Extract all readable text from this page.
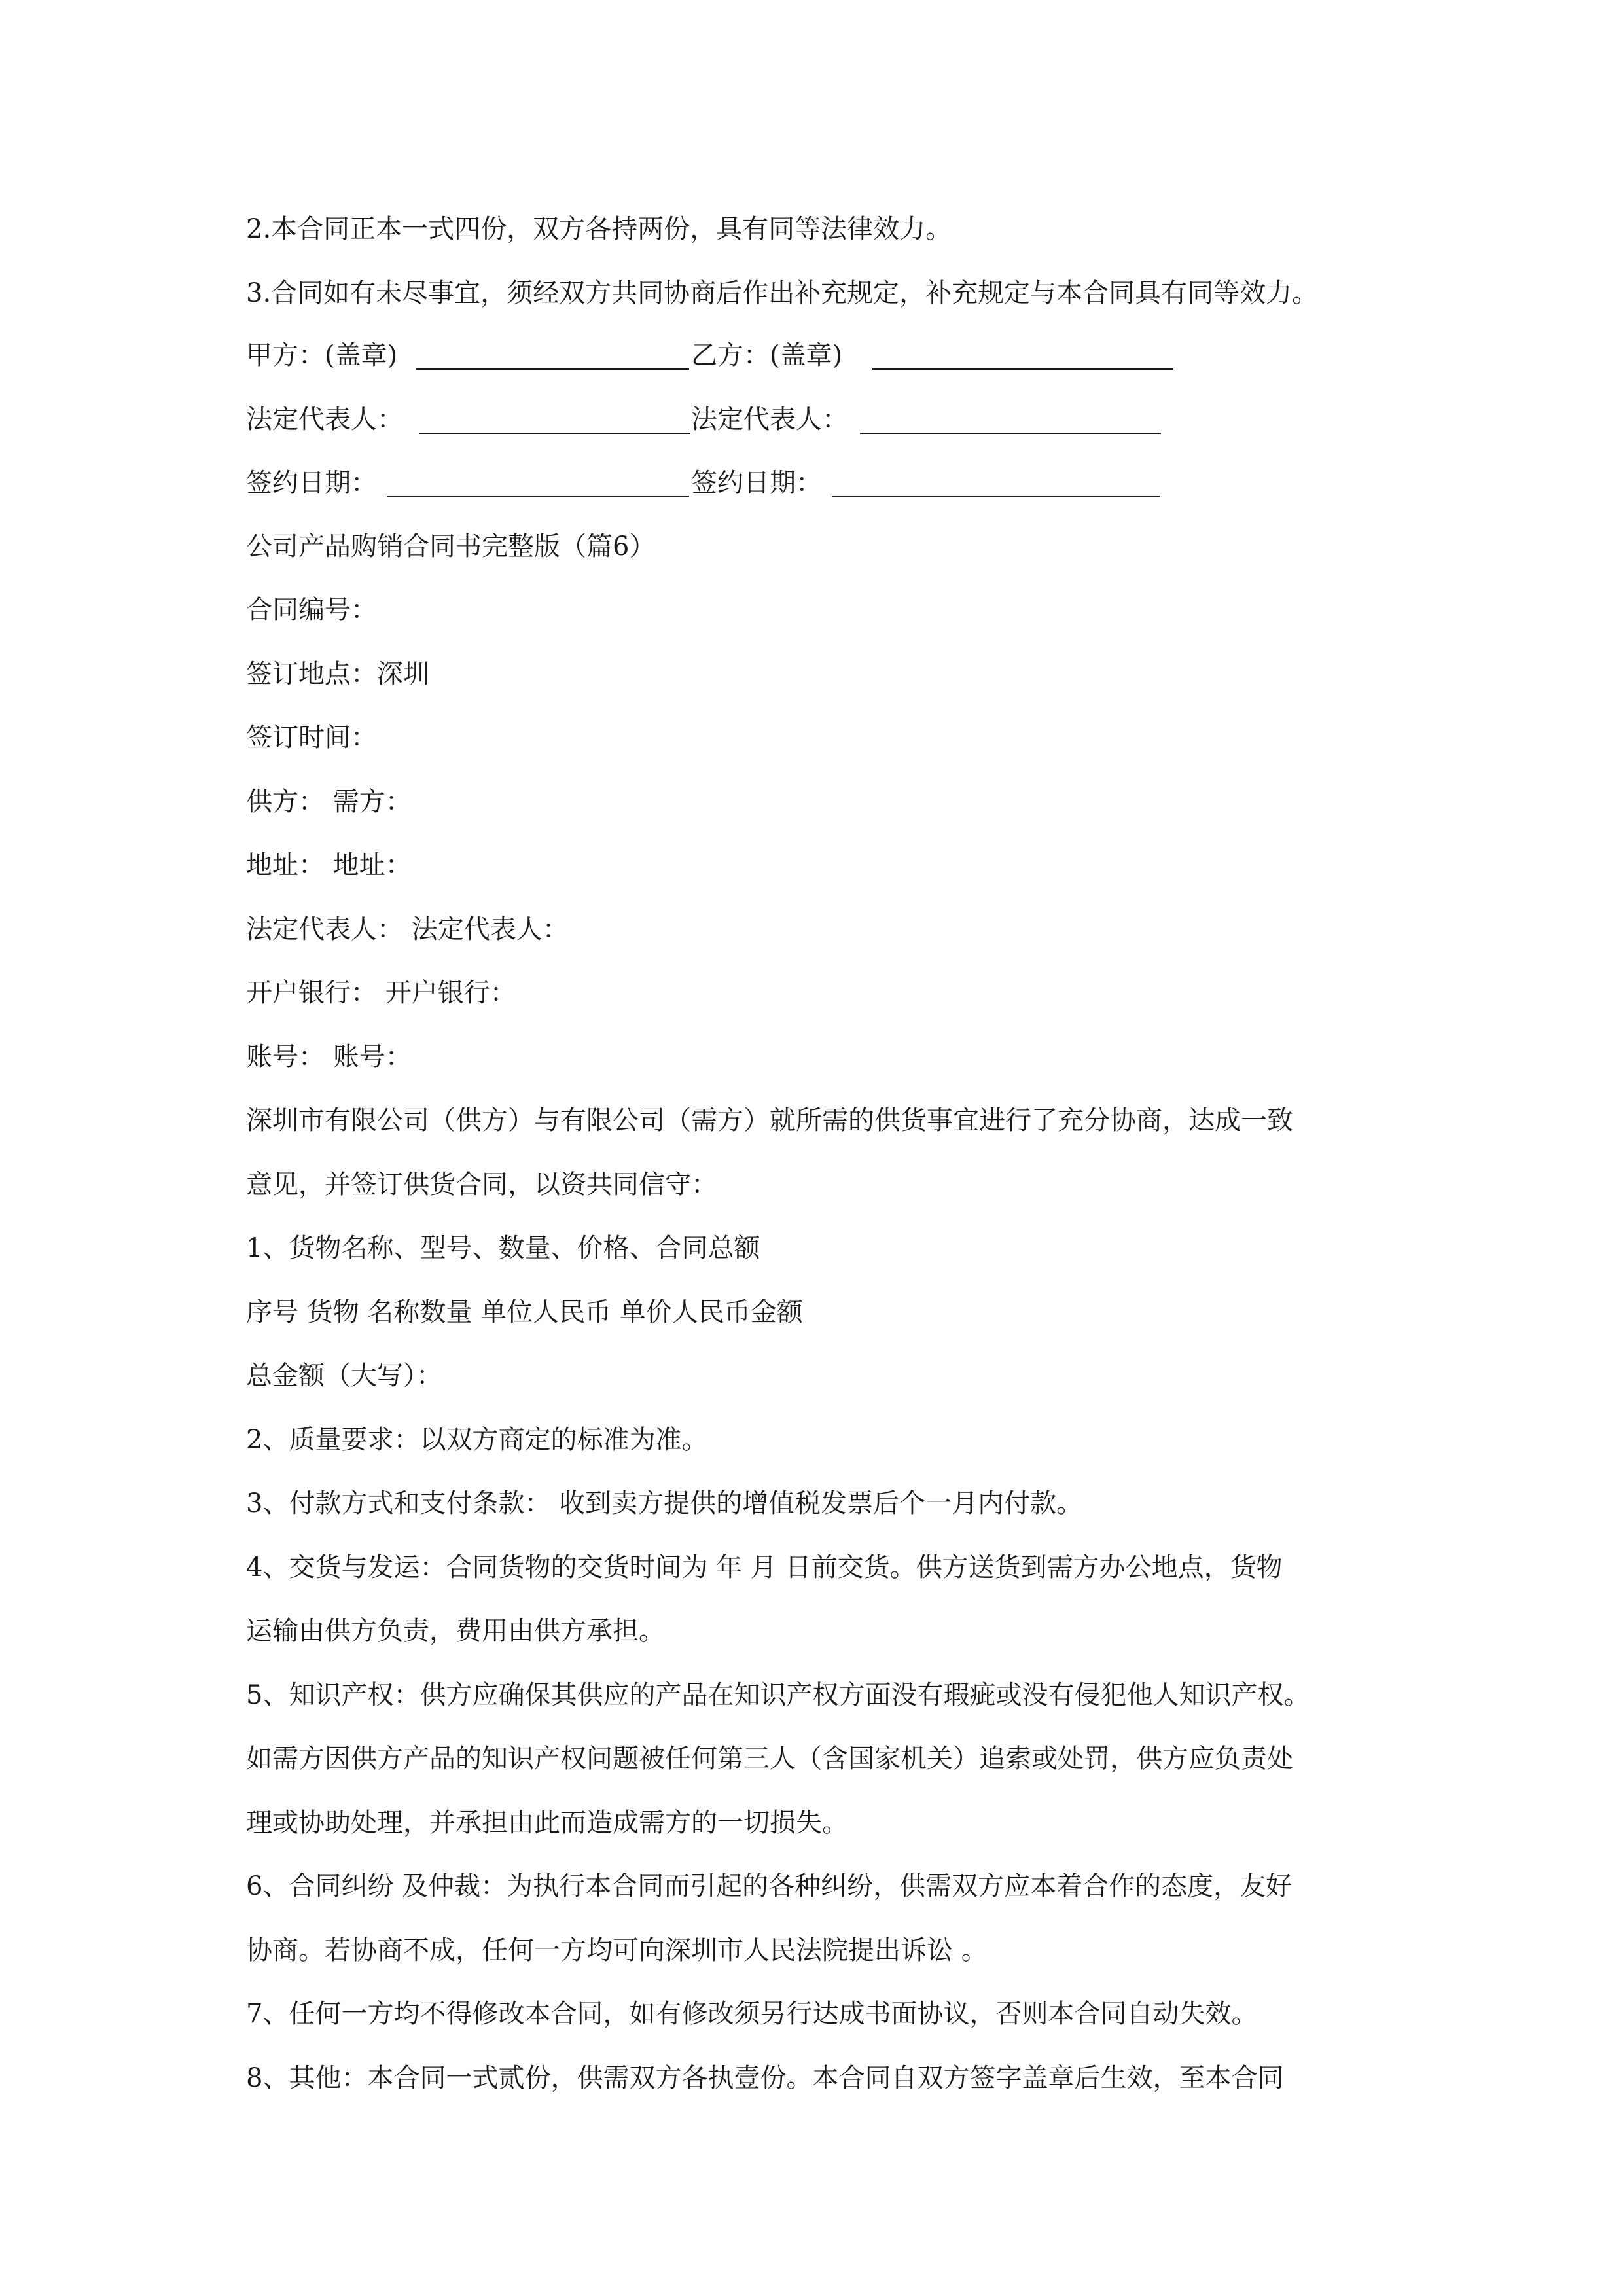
2.本合同正本一式四份，双方各持两份，具有同等法律效力。
3.合同如有未尽事宜，须经双方共同协商后作出补充规定，补充规定与本合同具有同等效力。
甲方：(盖章)	乙方：(盖章)
法定代表人：	法定代表人：
签约日期：	签约日期：
公司产品购销合同书完整版（篇6）
合同编号：
签订地点：深圳
签订时间：
供方： 需方：
地址： 地址：
法定代表人： 法定代表人：
开户银行： 开户银行：
账号： 账号：
深圳市有限公司（供方）与有限公司（需方）就所需的供货事宜进行了充分协商，达成一致
意见，并签订供货合同，以资共同信守：
1、货物名称、型号、数量、价格、合同总额
序号 货物 名称数量 单位人民币 单价人民币金额
总金额（大写）：
2、质量要求：以双方商定的标准为准。
3、付款方式和支付条款： 收到卖方提供的增值税发票后个一月内付款。
4、交货与发运：合同货物的交货时间为 年 月 日前交货。供方送货到需方办公地点，货物
运输由供方负责，费用由供方承担。
5、知识产权：供方应确保其供应的产品在知识产权方面没有瑕疵或没有侵犯他人知识产权。
如需方因供方产品的知识产权问题被任何第三人（含国家机关）追索或处罚，供方应负责处
理或协助处理，并承担由此而造成需方的一切损失。
6、合同纠纷 及仲裁：为执行本合同而引起的各种纠纷，供需双方应本着合作的态度，友好
协商。若协商不成，任何一方均可向深圳市人民法院提出诉讼 。
7、任何一方均不得修改本合同，如有修改须另行达成书面协议，否则本合同自动失效。
8、其他：本合同一式贰份，供需双方各执壹份。本合同自双方签字盖章后生效，至本合同
